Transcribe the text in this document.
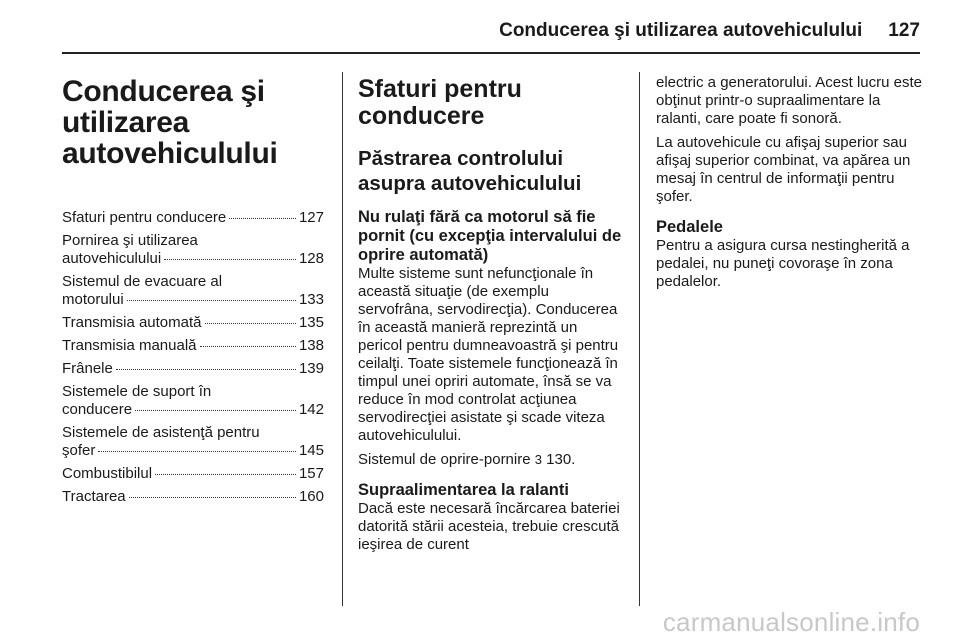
Conducerea şi utilizarea autovehiculului 127
Conducerea şi
utilizarea
autovehiculului
Sfaturi pentru conducere	127
Pornirea şi utilizarea
autovehiculului	128
Sistemul de evacuare al
motorului	133
Transmisia automată	135
Transmisia manuală	138
Frânele	139
Sistemele de suport în
conducere	142
Sistemele de asistenţă pentru
şofer	145
Combustibilul	157
Tractarea	160
Sfaturi pentru conducere
Păstrarea controlului asupra autovehiculului
Nu rulaţi fără ca motorul să fie pornit (cu excepţia intervalului de oprire automată)

Multe sisteme sunt nefuncţionale în această situaţie (de exemplu servofrâna, servodirecţia). Conducerea în această manieră reprezintă un pericol pentru dumneavoastră şi pentru ceilalţi. Toate sistemele funcţionează în timpul unei opriri automate, însă se va reduce în mod controlat acţiunea servodirecţiei asistate şi scade viteza autovehiculului.

Sistemul de oprire-pornire 3 130.

Supraalimentarea la ralanti

Dacă este necesară încărcarea bateriei datorită stării acesteia, trebuie crescută ieşirea de curent

electric a generatorului. Acest lucru este obţinut printr-o supraalimentare la ralanti, care poate fi sonoră.

La autovehicule cu afişaj superior sau afişaj superior combinat, va apărea un mesaj în centrul de informaţii pentru şofer.

Pedalele

Pentru a asigura cursa nestingherită a pedalei, nu puneţi covoraşe în zona pedalelor.

carmanualsonline.info
